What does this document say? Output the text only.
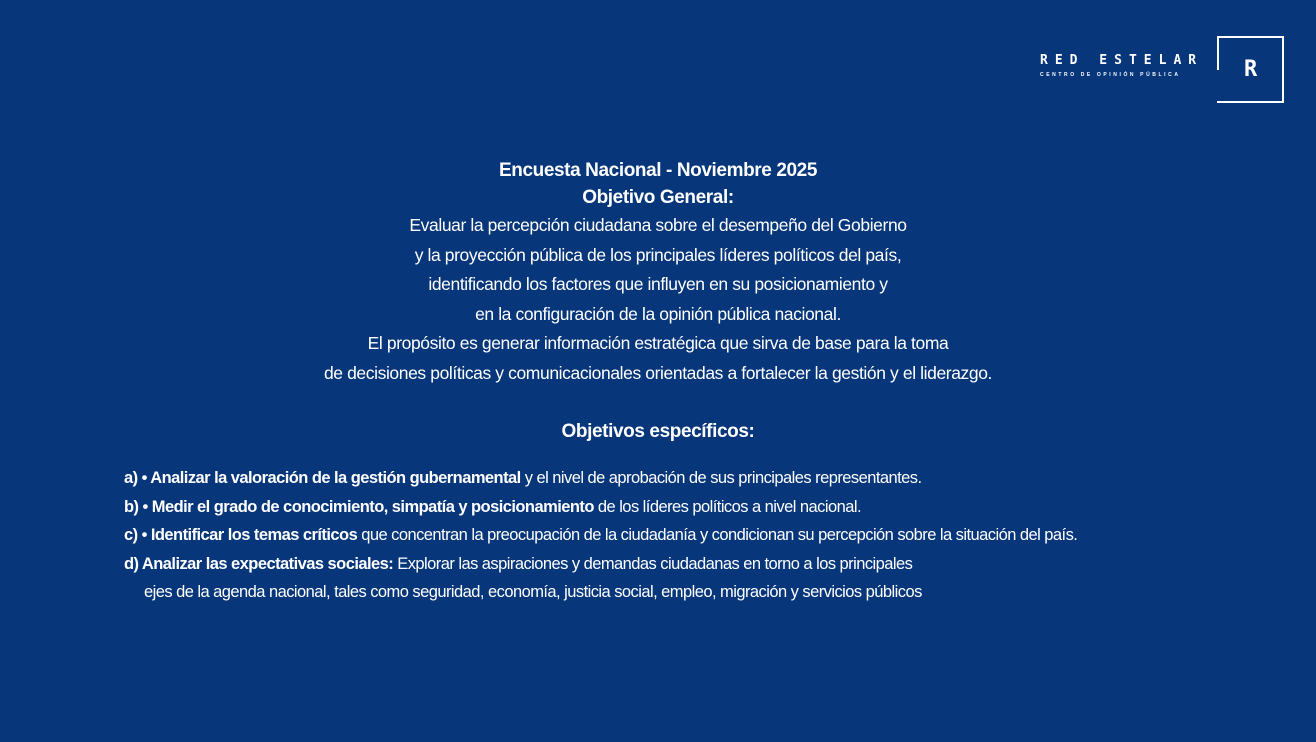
RED ESTELAR
CENTRO DE OPINIÓN PÚBLICA	R
Encuesta Nacional - Noviembre 2025
Objetivo General:
Evaluar la percepción ciudadana sobre el desempeño del Gobierno
y la proyección pública de los principales líderes políticos del país,
identificando los factores que influyen en su posicionamiento y
en la configuración de la opinión pública nacional.
El propósito es generar información estratégica que sirva de base para la toma
de decisiones políticas y comunicacionales orientadas a fortalecer la gestión y el liderazgo.
Objetivos específicos:
a) • Analizar la valoración de la gestión gubernamental y el nivel de aprobación de sus principales representantes.
b) • Medir el grado de conocimiento, simpatía y posicionamiento de los líderes políticos a nivel nacional.
c) • Identificar los temas críticos que concentran la preocupación de la ciudadanía y condicionan su percepción sobre la situación del país.
d) Analizar las expectativas sociales: Explorar las aspiraciones y demandas ciudadanas en torno a los principales
ejes de la agenda nacional, tales como seguridad, economía, justicia social, empleo, migración y servicios públicos
